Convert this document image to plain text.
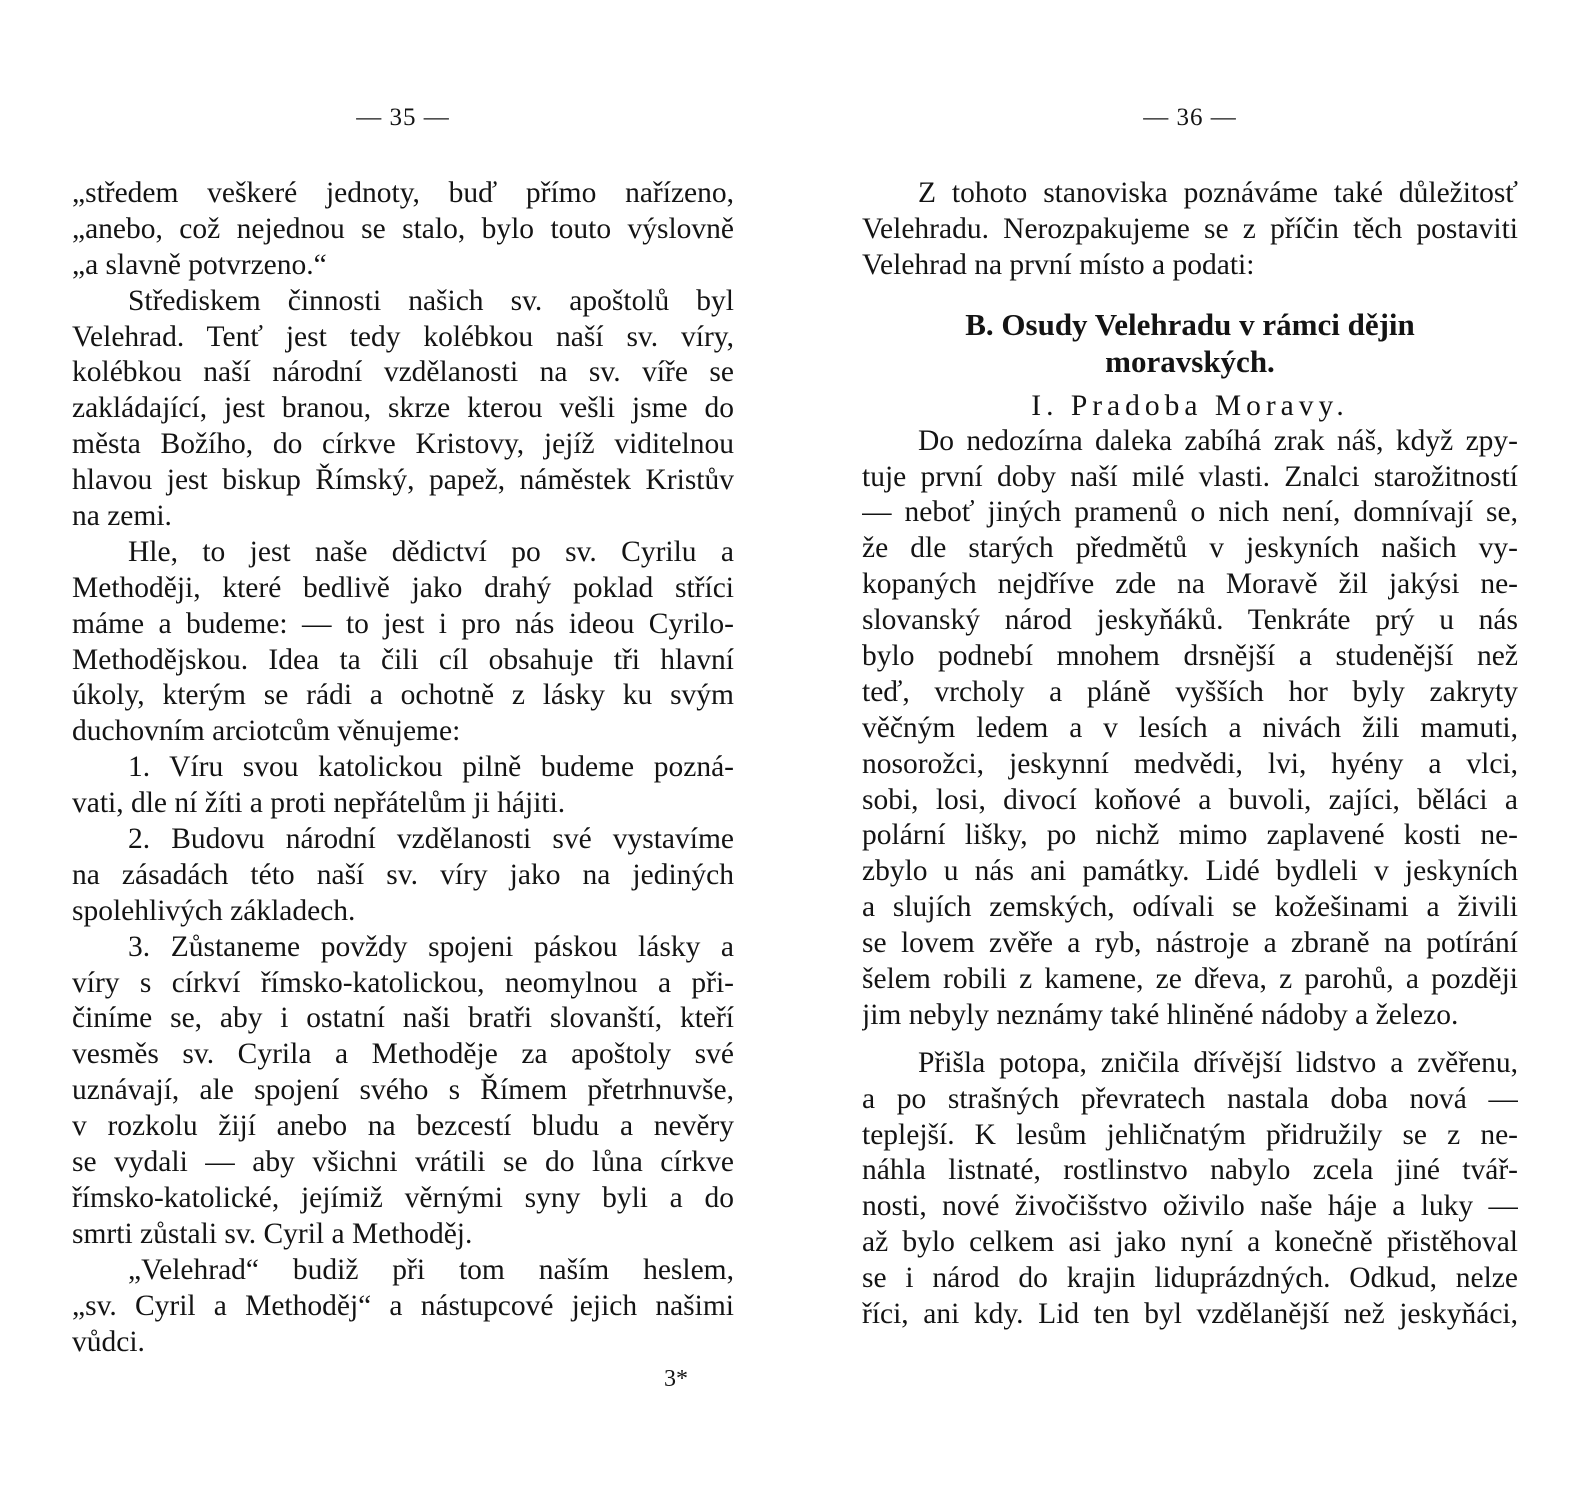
— 35 —
„středem veškeré jednoty, buď přímo nařízeno,
„anebo, což nejednou se stalo, bylo touto výslovně
„a slavně potvrzeno.“
Střediskem činnosti našich sv. apoštolů byl
Velehrad. Tenť jest tedy kolébkou naší sv. víry,
kolébkou naší národní vzdělanosti na sv. víře se
zakládající, jest branou, skrze kterou vešli jsme do
města Božího, do církve Kristovy, jejíž viditelnou
hlavou jest biskup Římský, papež, náměstek Kristův
na zemi.
Hle, to jest naše dědictví po sv. Cyrilu a
Methoději, které bedlivě jako drahý poklad stříci
máme a budeme: — to jest i pro nás ideou Cyrilo-
Methodějskou. Idea ta čili cíl obsahuje tři hlavní
úkoly, kterým se rádi a ochotně z lásky ku svým
duchovním arciotcům věnujeme:
1. Víru svou katolickou pilně budeme pozná-
vati, dle ní žíti a proti nepřátelům ji hájiti.
2. Budovu národní vzdělanosti své vystavíme
na zásadách této naší sv. víry jako na jediných
spolehlivých základech.
3. Zůstaneme povždy spojeni páskou lásky a
víry s církví římsko-katolickou, neomylnou a při-
činíme se, aby i ostatní naši bratři slovanští, kteří
vesměs sv. Cyrila a Methoděje za apoštoly své
uznávají, ale spojení svého s Římem přetrhnuvše,
v rozkolu žijí anebo na bezcestí bludu a nevěry
se vydali — aby všichni vrátili se do lůna církve
římsko-katolické, jejímiž věrnými syny byli a do
smrti zůstali sv. Cyril a Methoděj.
„Velehrad“ budiž při tom naším heslem,
„sv. Cyril a Methoděj“ a nástupcové jejich našimi
vůdci.
3*
— 36 —
Z tohoto stanoviska poznáváme také důležitosť
Velehradu. Nerozpakujeme se z příčin těch postaviti
Velehrad na první místo a podati:
B. Osudy Velehradu v rámci dějin
moravských.
I. Pradoba Moravy.
Do nedozírna daleka zabíhá zrak náš, když zpy-
tuje první doby naší milé vlasti. Znalci starožitností
— neboť jiných pramenů o nich není, domnívají se,
že dle starých předmětů v jeskyních našich vy-
kopaných nejdříve zde na Moravě žil jakýsi ne-
slovanský národ jeskyňáků. Tenkráte prý u nás
bylo podnebí mnohem drsnější a studenější než
teď, vrcholy a pláně vyšších hor byly zakryty
věčným ledem a v lesích a nivách žili mamuti,
nosorožci, jeskynní medvědi, lvi, hyény a vlci,
sobi, losi, divocí koňové a buvoli, zajíci, běláci a
polární lišky, po nichž mimo zaplavené kosti ne-
zbylo u nás ani památky. Lidé bydleli v jeskyních
a slujích zemských, odívali se kožešinami a živili
se lovem zvěře a ryb, nástroje a zbraně na potírání
šelem robili z kamene, ze dřeva, z parohů, a později
jim nebyly neznámy také hliněné nádoby a železo.
Přišla potopa, zničila dřívější lidstvo a zvěřenu,
a po strašných převratech nastala doba nová —
teplejší. K lesům jehličnatým přidružily se z ne-
náhla listnaté, rostlinstvo nabylo zcela jiné tvář-
nosti, nové živočišstvo oživilo naše háje a luky —
až bylo celkem asi jako nyní a konečně přistěhoval
se i národ do krajin liduprázdných. Odkud, nelze
říci, ani kdy. Lid ten byl vzdělanější než jeskyňáci,
